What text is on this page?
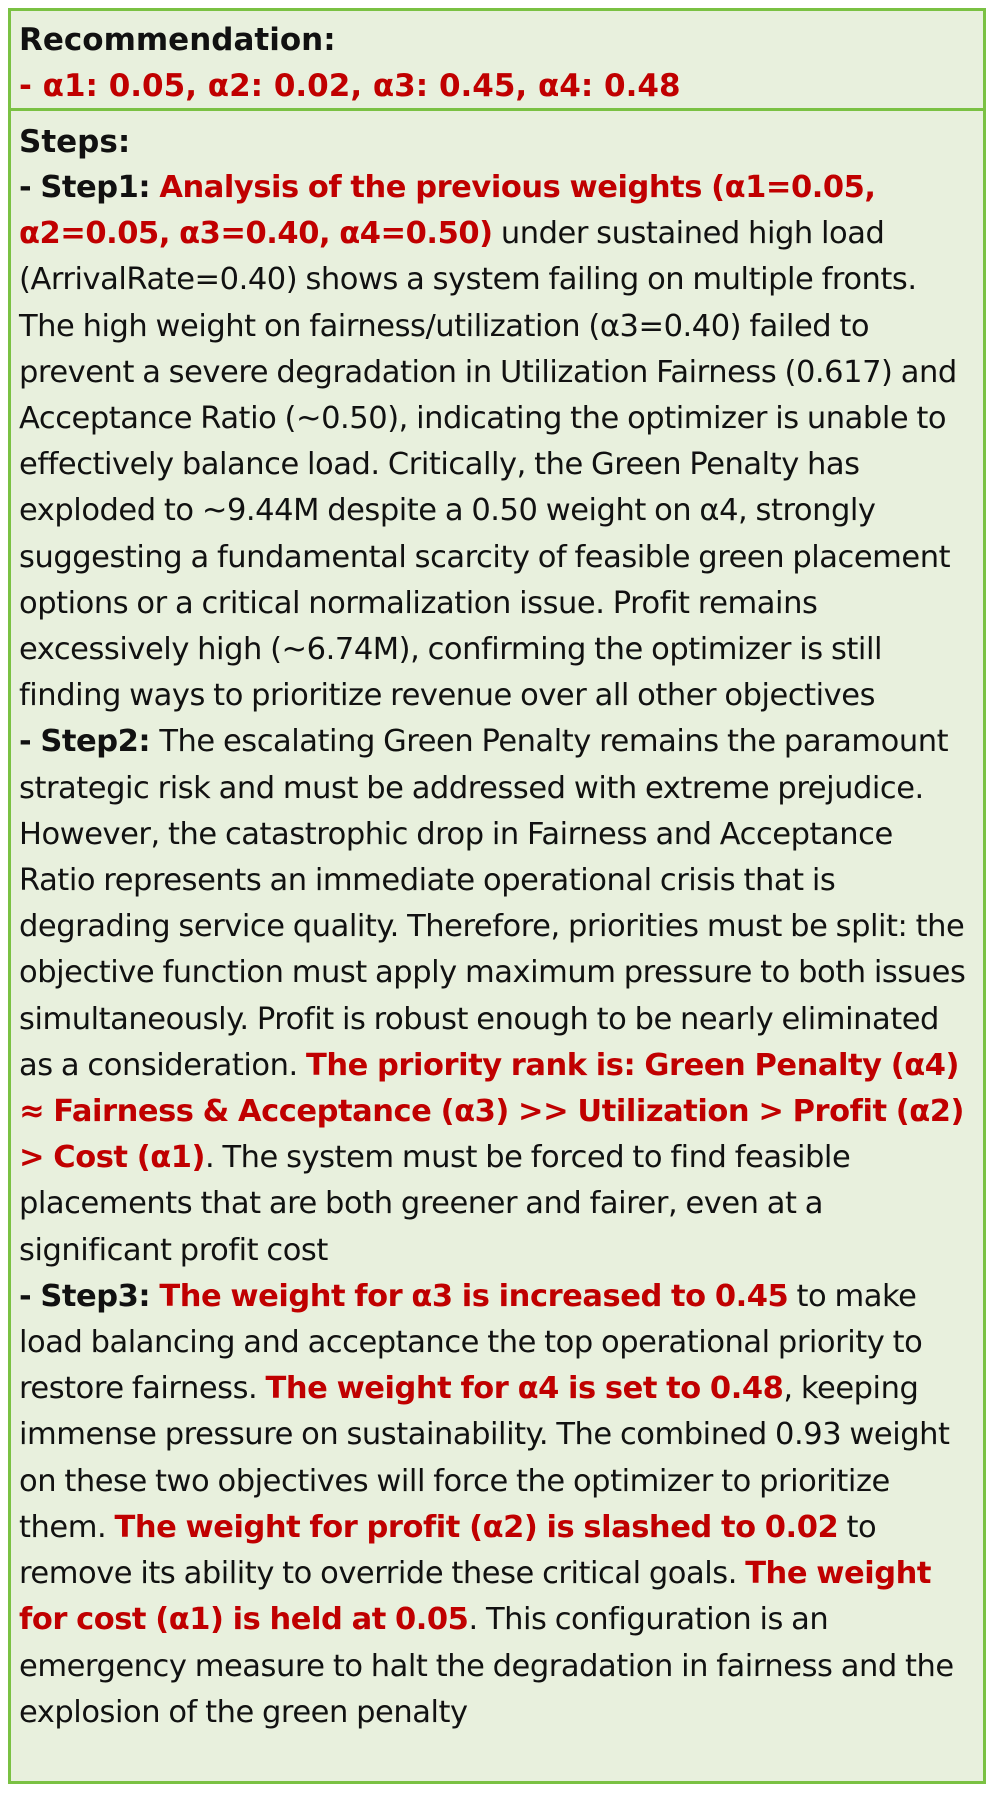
Recommendation:

- α1: 0.05, α2: 0.02, α3: 0.45, α4: 0.48

Steps:

- Step1: Analysis of the previous weights (α1=0.05, α2=0.05, α3=0.40, α4=0.50) under sustained high load (ArrivalRate=0.40) shows a system failing on multiple fronts. The high weight on fairness/utilization (α3=0.40) failed to prevent a severe degradation in Utilization Fairness (0.617) and Acceptance Ratio (~0.50), indicating the optimizer is unable to effectively balance load. Critically, the Green Penalty has exploded to ~9.44M despite a 0.50 weight on α4, strongly suggesting a fundamental scarcity of feasible green placement options or a critical normalization issue. Profit remains excessively high (~6.74M), confirming the optimizer is still finding ways to prioritize revenue over all other objectives

- Step2: The escalating Green Penalty remains the paramount strategic risk and must be addressed with extreme prejudice. However, the catastrophic drop in Fairness and Acceptance Ratio represents an immediate operational crisis that is degrading service quality. Therefore, priorities must be split: the objective function must apply maximum pressure to both issues simultaneously. Profit is robust enough to be nearly eliminated as a consideration. The priority rank is: Green Penalty (α4) ≈ Fairness & Acceptance (α3) >> Utilization > Profit (α2) > Cost (α1). The system must be forced to find feasible placements that are both greener and fairer, even at a significant profit cost

- Step3: The weight for α3 is increased to 0.45 to make load balancing and acceptance the top operational priority to restore fairness. The weight for α4 is set to 0.48, keeping immense pressure on sustainability. The combined 0.93 weight on these two objectives will force the optimizer to prioritize them. The weight for profit (α2) is slashed to 0.02 to remove its ability to override these critical goals. The weight for cost (α1) is held at 0.05. This configuration is an emergency measure to halt the degradation in fairness and the explosion of the green penalty
